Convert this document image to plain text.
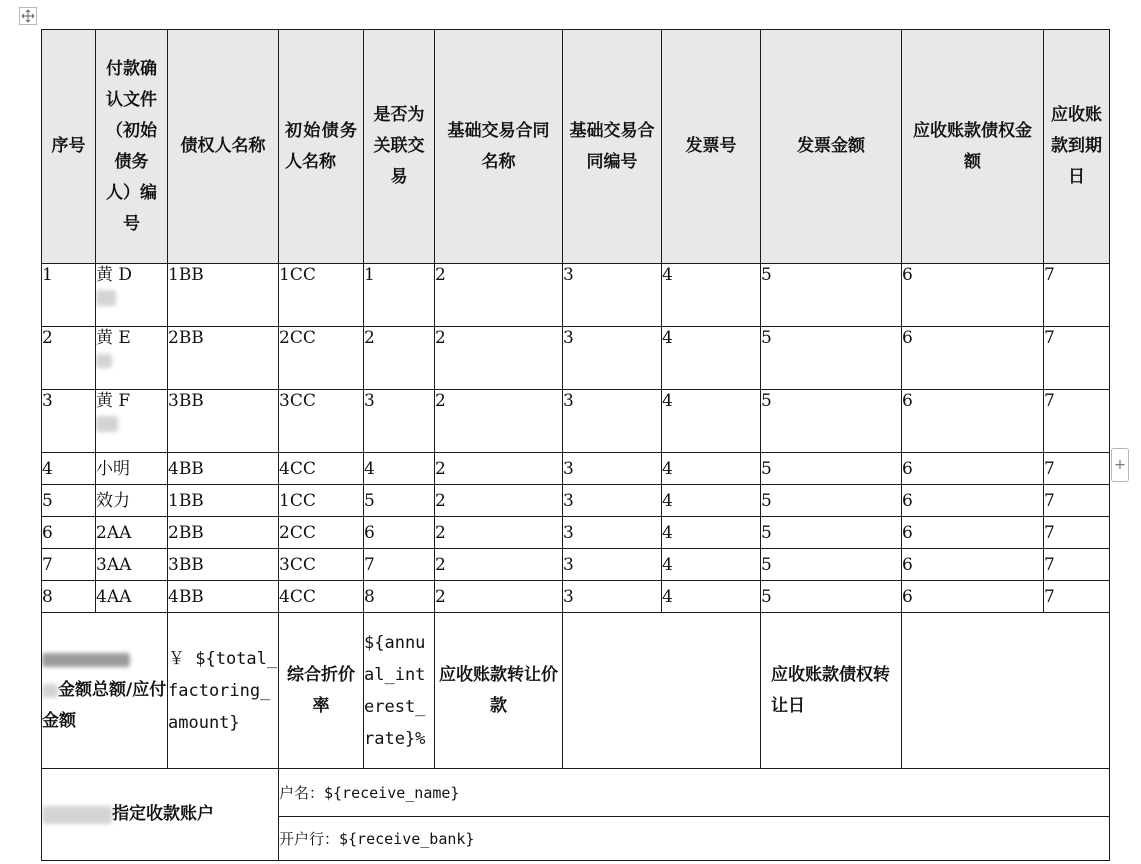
+
序号	付款确认文件（初始债务人）编号	债权人名称	初始债务人名称	是否为关联交易	基础交易合同名称	基础交易合同编号	发票号	发票金额	应收账款债权金额	应收账款到期日
1	黄 D	1BB	1CC	1	2	3	4	5	6	7
2	黄 E	2BB	2CC	2	2	3	4	5	6	7
3	黄 F	3BB	3CC	3	2	3	4	5	6	7
4	小明	4BB	4CC	4	2	3	4	5	6	7
5	效力	1BB	1CC	5	2	3	4	5	6	7
6	2AA	2BB	2CC	6	2	3	4	5	6	7
7	3AA	3BB	3CC	7	2	3	4	5	6	7
8	4AA	4BB	4CC	8	2	3	4	5	6	7

金额总额/应付金额		￥ ${total_factoring_amount}	综合折价率	${annual_interest_rate}%	应收账款转让价款			应收账款债权转让日		
指定收款账户			户名：${receive_name}							
			开户行：${receive_bank}							
